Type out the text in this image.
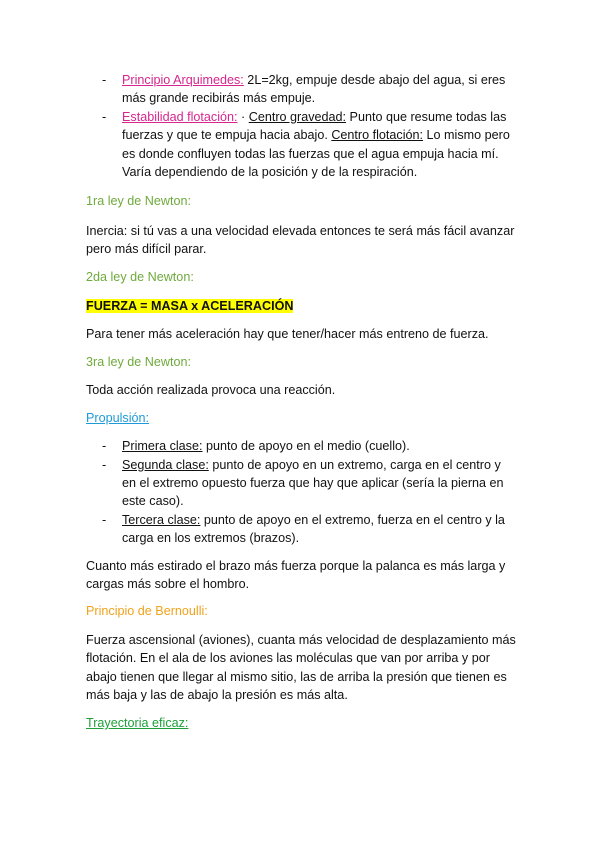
- Principio Arquimedes: 2L=2kg, empuje desde abajo del agua, si eres
más grande recibirás más empuje.
- Estabilidad flotación: · Centro gravedad: Punto que resume todas las
fuerzas y que te empuja hacia abajo. Centro flotación: Lo mismo pero
es donde confluyen todas las fuerzas que el agua empuja hacia mí.
Varía dependiendo de la posición y de la respiración.
1ra ley de Newton:
Inercia: si tú vas a una velocidad elevada entonces te será más fácil avanzar
pero más difícil parar.
2da ley de Newton:
FUERZA = MASA x ACELERACIÓN
Para tener más aceleración hay que tener/hacer más entreno de fuerza.
3ra ley de Newton:
Toda acción realizada provoca una reacción.
Propulsión:
- Primera clase: punto de apoyo en el medio (cuello).
- Segunda clase: punto de apoyo en un extremo, carga en el centro y
en el extremo opuesto fuerza que hay que aplicar (sería la pierna en
este caso).
- Tercera clase: punto de apoyo en el extremo, fuerza en el centro y la
carga en los extremos (brazos).
Cuanto más estirado el brazo más fuerza porque la palanca es más larga y
cargas más sobre el hombro.
Principio de Bernoulli:
Fuerza ascensional (aviones), cuanta más velocidad de desplazamiento más
flotación. En el ala de los aviones las moléculas que van por arriba y por
abajo tienen que llegar al mismo sitio, las de arriba la presión que tienen es
más baja y las de abajo la presión es más alta.
Trayectoria eficaz:
